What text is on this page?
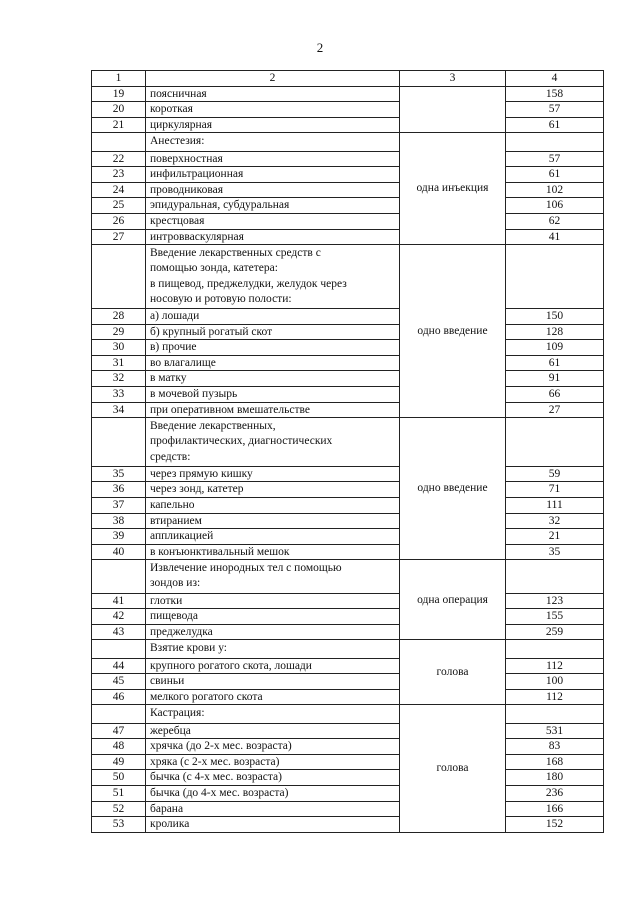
2
1	2	3	4
19	поясничная		158
20	короткая		57
21	циркулярная		61

	Анестезия:	одна инъекция	
22	поверхностная		57
23	инфильтрационная		61
24	проводниковая		102
25	эпидуральная, субдуральная		106
26	крестцовая		62
27	интровваскулярная		41

	Введение лекарственных средств с
помощью зонда, катетера:
в пищевод, преджелудки, желудок через
носовую и ротовую полости:	одно введение	
28	а) лошади		150
29	б) крупный рогатый скот		128
30	в) прочие		109
31	во влагалище		61
32	в матку		91
33	в мочевой пузырь		66
34	при оперативном вмешательстве		27

	Введение лекарственных,
профилактических, диагностических
средств:	одно введение	
35	через прямую кишку		59
36	через зонд, катетер		71
37	капельно		111
38	втиранием		32
39	аппликацией		21
40	в конъюнктивальный мешок		35

	Извлечение инородных тел с помощью
зондов из:	одна операция	
41	глотки		123
42	пищевода		155
43	преджелудка		259

	Взятие крови у:	голова	
44	крупного рогатого скота, лошади		112
45	свиньи		100
46	мелкого рогатого скота		112

	Кастрация:	голова	
47	жеребца		531
48	хрячка (до 2-х мес. возраста)		83
49	хряка (с 2-х мес. возраста)		168
50	бычка (с 4-х мес. возраста)		180
51	бычка (до 4-х мес. возраста)		236
52	барана		166
53	кролика		152
